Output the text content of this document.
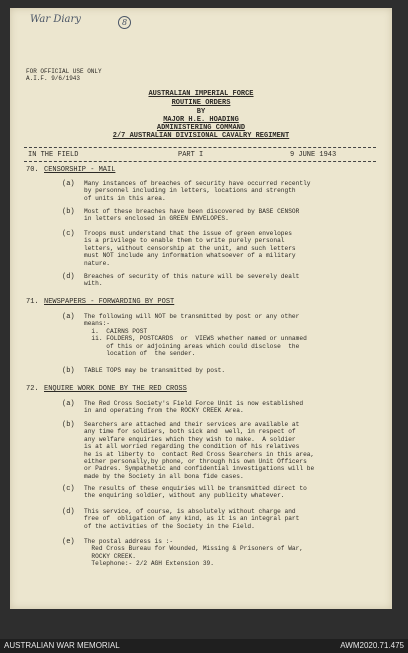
War Diary	8
FOR OFFICIAL USE ONLY
A.I.F. 9/6/1943
AUSTRALIAN IMPERIAL FORCE
ROUTINE ORDERS
BY
MAJOR H.E. HOADING
ADMINISTERING COMMAND
2/7 AUSTRALIAN DIVISIONAL CAVALRY REGIMENT
IN THE FIELD	PART I	9 JUNE 1943
70. CENSORSHIP - MAIL
(a) Many instances of breaches of security have occurred recently
by personnel including in letters, locations and strength
of units in this area.
(b) Most of these breaches have been discovered by BASE CENSOR
in letters enclosed in GREEN ENVELOPES.
(c) Troops must understand that the issue of green envelopes
is a privilege to enable them to write purely personal
letters, without censorship at the unit, and such letters
must NOT include any information whatsoever of a military
nature.
(d) Breaches of security of this nature will be severely dealt
with.
71. NEWSPAPERS - FORWARDING BY POST
(a) The following will NOT be transmitted by post or any other
means:-
i.  CAIRNS POST
ii. FOLDERS, POSTCARDS  or  VIEWS whether named or unnamed
of this or adjoining areas which could disclose  the
location of  the sender.
(b) TABLE TOPS may be transmitted by post.
72. ENQUIRE WORK DONE BY THE RED CROSS
(a) The Red Cross Society's Field Force Unit is now established
in and operating from the ROCKY CREEK Area.
(b) Searchers are attached and their services are available at
any time for soldiers, both sick and  well, in respect of
any welfare enquiries which they wish to make.  A soldier
is at all worried regarding the condition of his relatives
he is at liberty to  contact Red Cross Searchers in this area,
either personally,by phone, or through his own Unit Officers
or Padres. Sympathetic and confidential investigations will be
made by the Society in all bona fide cases.
(c) The results of these enquiries will be transmitted direct to
the enquiring soldier, without any publicity whatever.
(d) This service, of course, is absolutely without charge and
free of  obligation of any kind, as it is an integral part
of the activities of the Society in the Field.
(e) The postal address is :-
Red Cross Bureau for Wounded, Missing & Prisoners of War,
ROCKY CREEK.
Telephone:- 2/2 AGH Extension 39.
AUSTRALIAN WAR MEMORIAL	AWM2020.71.475
